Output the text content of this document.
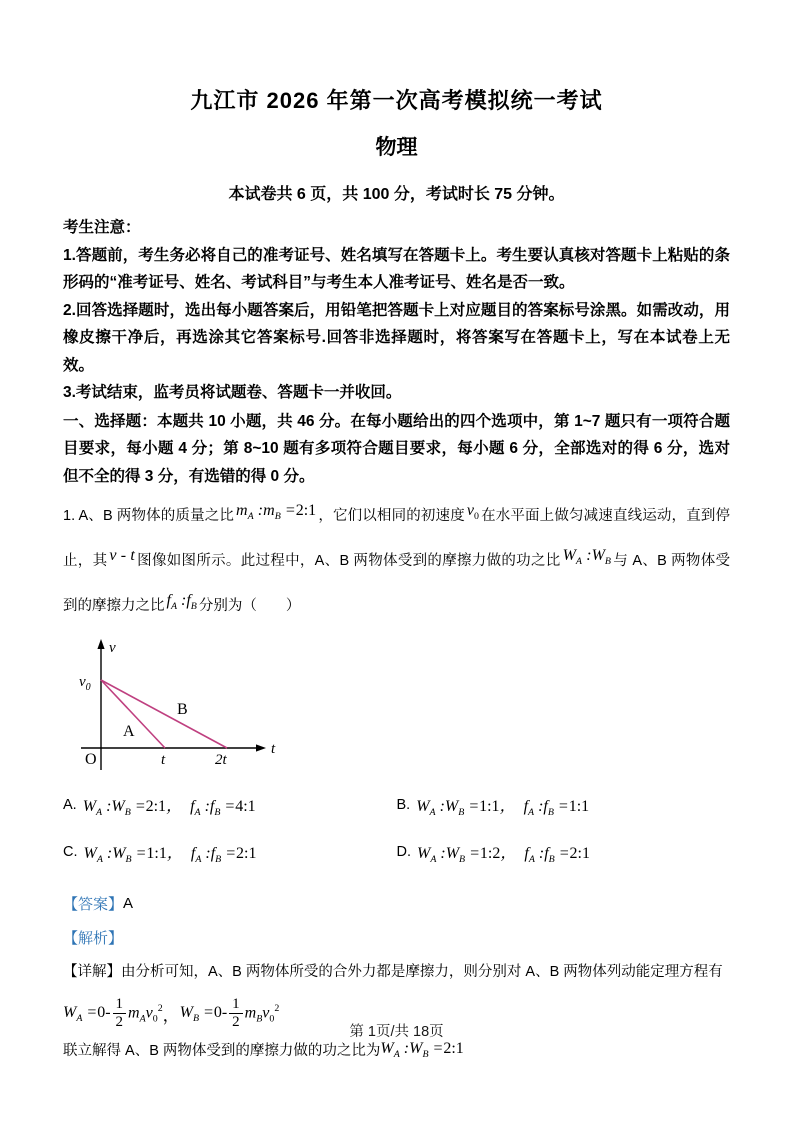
九江市 2026 年第一次高考模拟统一考试
物理

本试卷共 6 页，共 100 分，考试时长 75 分钟。

考生注意：

1.答题前，考生务必将自己的准考证号、姓名填写在答题卡上。考生要认真核对答题卡上粘贴的条形码的“准考证号、姓名、考试科目”与考生本人准考证号、姓名是否一致。

2.回答选择题时，选出每小题答案后，用铅笔把答题卡上对应题目的答案标号涂黑。如需改动，用橡皮擦干净后，再选涂其它答案标号.回答非选择题时，将答案写在答题卡上，写在本试卷上无效。

3.考试结束，监考员将试题卷、答题卡一并收回。

一、选择题：本题共 10 小题，共 46 分。在每小题给出的四个选项中，第 1~7 题只有一项符合题目要求，每小题 4 分；第 8~10 题有多项符合题目要求，每小题 6 分，全部选对的得 6 分，选对但不全的得 3 分，有选错的得 0 分。

1. A、B 两物体的质量之比 $m_A$ $:m_B$ =2:1 ，它们以相同的初速度 $v_0$ 在水平面上做匀减速直线运动，直到停止，其 v - t 图像如图所示。此过程中，A、B 两物体受到的摩擦力做的功之比 $W_A$ $:W_B$ 与 A、B 两物体受到的摩擦力之比 $f_A$ $:f_B$ 分别为（　　）

v
t
$v_0$
O	t	2t
A
B
A. $W_A$ $:W_B$ =2:1，　$f_A$ $:f_B$ =4:1	B. $W_A$ $:W_B$ =1:1，　$f_A$ $:f_B$ =1:1
C. $W_A$ $:W_B$ =1:1，　$f_A$ $:f_B$ =2:1	D. $W_A$ $:W_B$ =1:2，　$f_A$ $:f_B$ =2:1

【答案】 A

【解析】

【详解】由分析可知，A、B 两物体所受的合外力都是摩擦力，则分别对 A、B 两物体列动能定理方程有

$W_A =0- \frac{1}{2} m_Av_0^2$ ， $W_B =0- \frac{1}{2} m_Bv_0^2$

联立解得 A、B 两物体受到的摩擦力做的功之比为 $W_A$ $:W_B$ =2:1

第 1页/共 18页
